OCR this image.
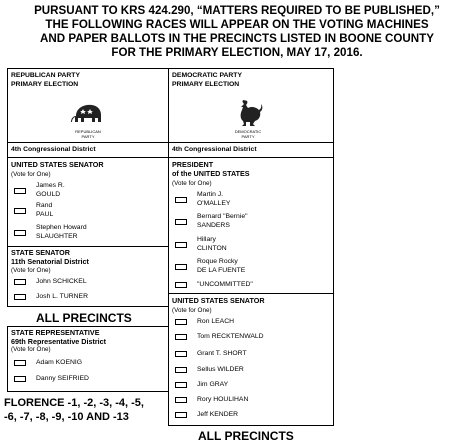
PURSUANT TO KRS 424.290, “MATTERS REQUIRED TO BE PUBLISHED,”
THE FOLLOWING RACES WILL APPEAR ON THE VOTING MACHINES
AND PAPER BALLOTS IN THE PRECINCTS LISTED IN BOONE COUNTY
FOR THE PRIMARY ELECTION, MAY 17, 2016.
REPUBLICAN PARTY
PRIMARY ELECTION
REPUBLICAN
PARTY
4th Congressional District
UNITED STATES SENATOR
(Vote for One)
James R.
GOULD
Rand
PAUL
Stephen Howard
SLAUGHTER
STATE SENATOR
11th Senatorial District
(Vote for One)
John SCHICKEL
Josh L. TURNER
ALL PRECINCTS
STATE REPRESENTATIVE
69th Representative District
(Vote for One)
Adam KOENIG
Danny SEIFRIED
FLORENCE -1, -2, -3, -4, -5,
-6, -7, -8, -9, -10 AND -13
DEMOCRATIC PARTY
PRIMARY ELECTION
DEMOCRATIC
PARTY
4th Congressional District
PRESIDENT
of the UNITED STATES
(Vote for One)
Martin J.
O'MALLEY
Bernard "Bernie"
SANDERS
Hillary
CLINTON
Roque Rocky
DE LA FUENTE
"UNCOMMITTED"
UNITED STATES SENATOR
(Vote for One)
Ron LEACH
Tom RECKTENWALD
Grant T. SHORT
Sellus WILDER
Jim GRAY
Rory HOULIHAN
Jeff KENDER
ALL PRECINCTS
